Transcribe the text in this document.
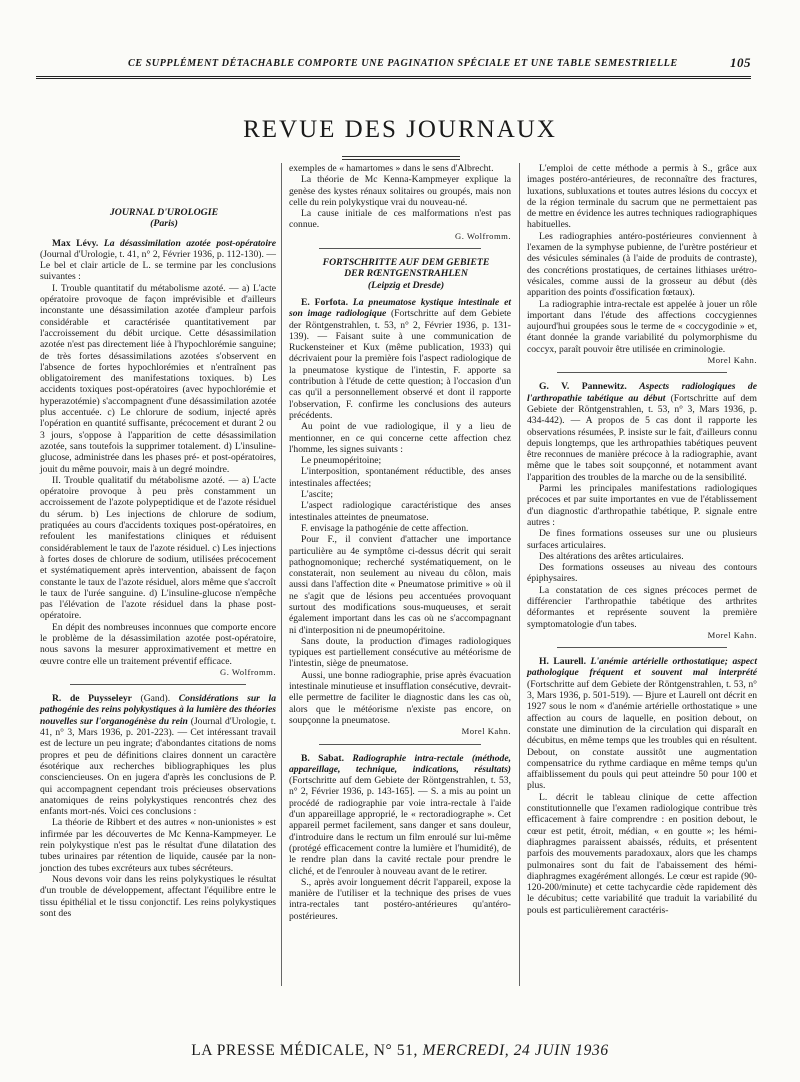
CE SUPPLÉMENT DÉTACHABLE COMPORTE UNE PAGINATION SPÉCIALE ET UNE TABLE SEMESTRIELLE	105
REVUE DES JOURNAUX

JOURNAL D'UROLOGIE

(Paris)

Max Lévy. La désassimilation azotée post-opératoire (Journal d'Urologie, t. 41, n° 2, Février 1936, p. 112-130). — Le bel et clair article de L. se termine par les conclusions suivantes :

I. Trouble quantitatif du métabolisme azoté. — a) L'acte opératoire provoque de façon imprévisible et d'ailleurs inconstante une désassimilation azotée d'ampleur parfois considérable et caractérisée quantitativement par l'accroissement du débit urcique. Cette désassimilation azotée n'est pas directement liée à l'hypochlorémie sanguine; de très fortes désassimilations azotées s'observent en l'absence de fortes hypochlorémies et n'entraînent pas obligatoirement des manifestations toxiques. b) Les accidents toxiques post-opératoires (avec hypochlorémie et hyperazotémie) s'accompagnent d'une désassimilation azotée plus accentuée. c) Le chlorure de sodium, injecté après l'opération en quantité suffisante, précocement et durant 2 ou 3 jours, s'oppose à l'apparition de cette désassimilation azotée, sans toutefois la supprimer totalement. d) L'insuline-glucose, administrée dans les phases pré- et post-opératoires, jouit du même pouvoir, mais à un degré moindre.

II. Trouble qualitatif du métabolisme azoté. — a) L'acte opératoire provoque à peu près constamment un accroissement de l'azote polypeptidique et de l'azote résiduel du sérum. b) Les injections de chlorure de sodium, pratiquées au cours d'accidents toxiques post-opératoires, en refoulent les manifestations cliniques et réduisent considérablement le taux de l'azote résiduel. c) Les injections à fortes doses de chlorure de sodium, utilisées précocement et systématiquement après intervention, abaissent de façon constante le taux de l'azote résiduel, alors même que s'accroît le taux de l'urée sanguine. d) L'insuline-glucose n'empêche pas l'élévation de l'azote résiduel dans la phase post-opératoire.

En dépit des nombreuses inconnues que comporte encore le problème de la désassimilation azotée post-opératoire, nous savons la mesurer approximativement et mettre en œuvre contre elle un traitement préventif efficace.

G. Wolfromm.

R. de Puysseleyr (Gand). Considérations sur la pathogénie des reins polykystiques à la lumière des théories nouvelles sur l'organogénèse du rein (Journal d'Urologie, t. 41, n° 3, Mars 1936, p. 201-223). — Cet intéressant travail est de lecture un peu ingrate; d'abondantes citations de noms propres et peu de définitions claires donnent un caractère ésotérique aux recherches bibliographiques les plus consciencieuses. On en jugera d'après les conclusions de P. qui accompagnent cependant trois précieuses observations anatomiques de reins polykystiques rencontrés chez des enfants mort-nés. Voici ces conclusions :

La théorie de Ribbert et des autres « non-unionistes » est infirmée par les découvertes de Mc Kenna-Kampmeyer. Le rein polykystique n'est pas le résultat d'une dilatation des tubes urinaires par rétention de liquide, causée par la non-jonction des tubes excréteurs aux tubes sécréteurs.

Nous devons voir dans les reins polykystiques le résultat d'un trouble de développement, affectant l'équilibre entre le tissu épithélial et le tissu conjonctif. Les reins polykystiques sont des

exemples de « hamartomes » dans le sens d'Albrecht.

La théorie de Mc Kenna-Kampmeyer explique la genèse des kystes rénaux solitaires ou groupés, mais non celle du rein polykystique vrai du nouveau-né.

La cause initiale de ces malformations n'est pas connue.

G. Wolfromm.

FORTSCHRITTE AUF DEM GEBIETE

DER RŒNTGENSTRAHLEN

(Leipzig et Dresde)

E. Forfota. La pneumatose kystique intestinale et son image radiologique (Fortschritte auf dem Gebiete der Röntgenstrahlen, t. 53, n° 2, Février 1936, p. 131-139). — Faisant suite à une communication de Ruckensteiner et Kux (même publication, 1933) qui décrivaient pour la première fois l'aspect radiologique de la pneumatose kystique de l'intestin, F. apporte sa contribution à l'étude de cette question; à l'occasion d'un cas qu'il a personnellement observé et dont il rapporte l'observation, F. confirme les conclusions des auteurs précédents.

Au point de vue radiologique, il y a lieu de mentionner, en ce qui concerne cette affection chez l'homme, les signes suivants :

Le pneumopéritoine;

L'interposition, spontanément réductible, des anses intestinales affectées;

L'ascite;

L'aspect radiologique caractéristique des anses intestinales atteintes de pneumatose.

F. envisage la pathogénie de cette affection.

Pour F., il convient d'attacher une importance particulière au 4e symptôme ci-dessus décrit qui serait pathognomonique; recherché systématiquement, on le constaterait, non seulement au niveau du côlon, mais aussi dans l'affection dite « Pneumatose primitive » où il ne s'agit que de lésions peu accentuées provoquant surtout des modifications sous-muqueuses, et serait également important dans les cas où ne s'accompagnant ni d'interposition ni de pneumopéritoine.

Sans doute, la production d'images radiologiques typiques est partiellement consécutive au météorisme de l'intestin, siège de pneumatose.

Aussi, une bonne radiographie, prise après évacuation intestinale minutieuse et insufflation consécutive, devrait-elle permettre de faciliter le diagnostic dans les cas où, alors que le météorisme n'existe pas encore, on soupçonne la pneumatose.

Morel Kahn.

B. Sabat. Radiographie intra-rectale (méthode, appareillage, technique, indications, résultats) (Fortschritte auf dem Gebiete der Röntgenstrahlen, t. 53, n° 2, Février 1936, p. 143-165]. — S. a mis au point un procédé de radiographie par voie intra-rectale à l'aide d'un appareillage approprié, le « rectoradiographe ». Cet appareil permet facilement, sans danger et sans douleur, d'introduire dans le rectum un film enroulé sur lui-même (protégé efficacement contre la lumière et l'humidité), de le rendre plan dans la cavité rectale pour prendre le cliché, et de l'enrouler à nouveau avant de le retirer.

S., après avoir longuement décrit l'appareil, expose la manière de l'utiliser et la technique des prises de vues intra-rectales tant postéro-antérieures qu'antéro-postérieures.

L'emploi de cette méthode a permis à S., grâce aux images postéro-antérieures, de reconnaître des fractures, luxations, subluxations et toutes autres lésions du coccyx et de la région terminale du sacrum que ne permettaient pas de mettre en évidence les autres techniques radiographiques habituelles.

Les radiographies antéro-postérieures conviennent à l'examen de la symphyse pubienne, de l'urètre postérieur et des vésicules séminales (à l'aide de produits de contraste), des concrétions prostatiques, de certaines lithiases urétro-vésicales, comme aussi de la grosseur au début (dès apparition des points d'ossification fœtaux).

La radiographie intra-rectale est appelée à jouer un rôle important dans l'étude des affections coccygiennes aujourd'hui groupées sous le terme de « coccygodinie » et, étant donnée la grande variabilité du polymorphisme du coccyx, paraît pouvoir être utilisée en criminologie.

Morel Kahn.

G. V. Pannewitz. Aspects radiologiques de l'arthropathie tabétique au début (Fortschritte auf dem Gebiete der Röntgenstrahlen, t. 53, n° 3, Mars 1936, p. 434-442). — A propos de 5 cas dont il rapporte les observations résumées, P. insiste sur le fait, d'ailleurs connu depuis longtemps, que les arthropathies tabétiques peuvent être reconnues de manière précoce à la radiographie, avant même que le tabes soit soupçonné, et notamment avant l'apparition des troubles de la marche ou de la sensibilité.

Parmi les principales manifestations radiologiques précoces et par suite importantes en vue de l'établissement d'un diagnostic d'arthropathie tabétique, P. signale entre autres :

De fines formations osseuses sur une ou plusieurs surfaces articulaires.

Des altérations des arêtes articulaires.

Des formations osseuses au niveau des contours épiphysaires.

La constatation de ces signes précoces permet de différencier l'arthropathie tabétique des arthrites déformantes et représente souvent la première symptomatologie d'un tabes.

Morel Kahn.

H. Laurell. L'anémie artérielle orthostatique; aspect pathologique fréquent et souvent mal interprété (Fortschritte auf dem Gebiete der Röntgenstrahlen, t. 53, n° 3, Mars 1936, p. 501-519). — Bjure et Laurell ont décrit en 1927 sous le nom « d'anémie artérielle orthostatique » une affection au cours de laquelle, en position debout, on constate une diminution de la circulation qui disparaît en décubitus, en même temps que les troubles qui en résultent. Debout, on constate aussitôt une augmentation compensatrice du rythme cardiaque en même temps qu'un affaiblissement du pouls qui peut atteindre 50 pour 100 et plus.

L. décrit le tableau clinique de cette affection constitutionnelle que l'examen radiologique contribue très efficacement à faire comprendre : en position debout, le cœur est petit, étroit, médian, « en goutte »; les hémi-diaphragmes paraissent abaissés, réduits, et présentent parfois des mouvements paradoxaux, alors que les champs pulmonaires sont du fait de l'abaissement des hémi-diaphragmes exagérément allongés. Le cœur est rapide (90-120-200/minute) et cette tachycardie cède rapidement dès le décubitus; cette variabilité que traduit la variabilité du pouls est particulièrement caractéris-

LA PRESSE MÉDICALE, N° 51, MERCREDI, 24 JUIN 1936
